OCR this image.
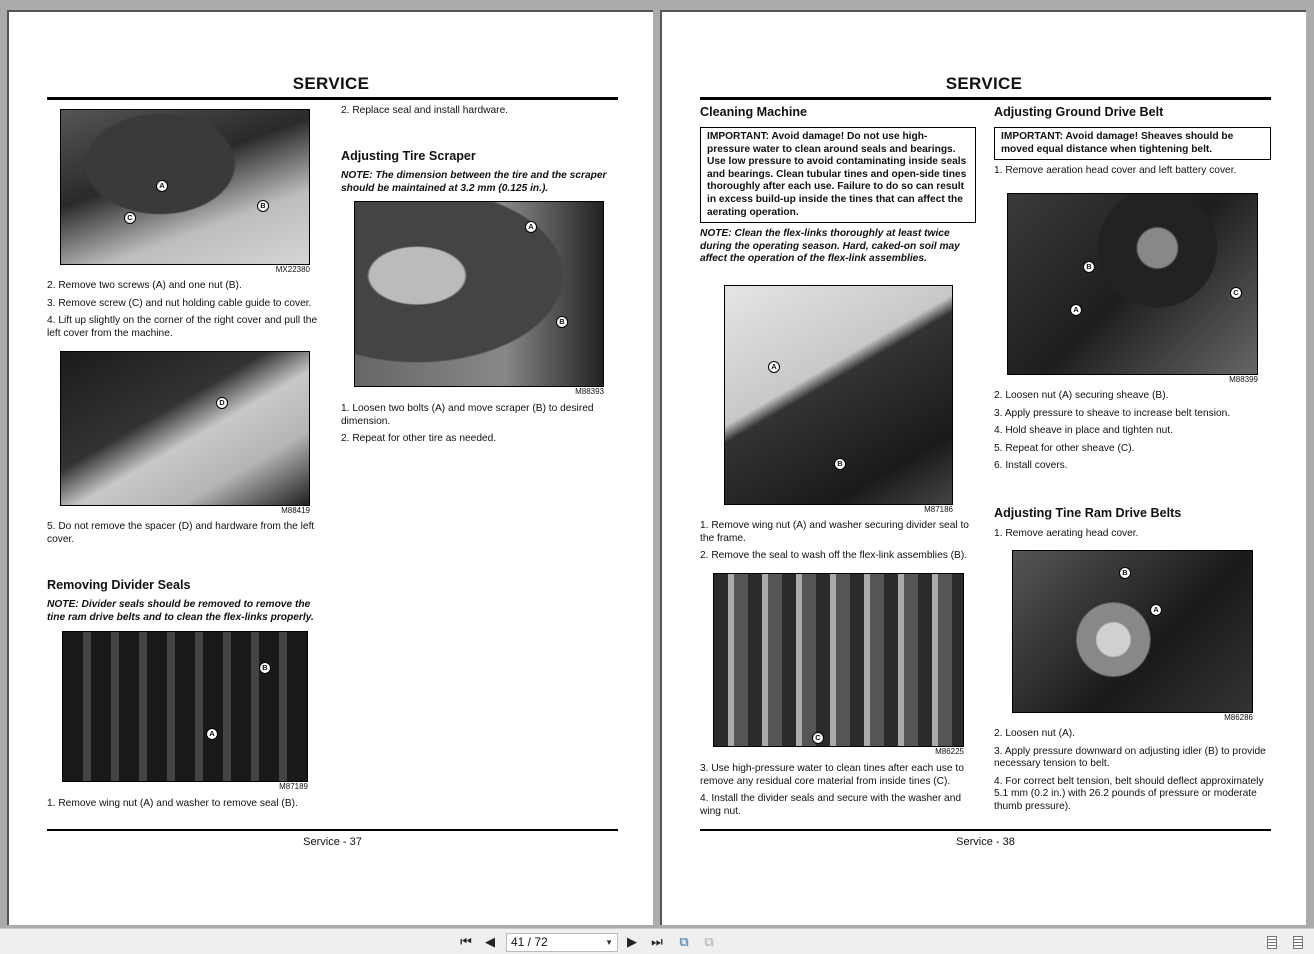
SERVICE
A
B
C
MX22380
2. Remove two screws (A) and one nut (B).
3. Remove screw (C) and nut holding cable guide to cover.
4. Lift up slightly on the corner of the right cover and pull the left cover from the machine.
D
M88419
5. Do not remove the spacer (D) and hardware from the left cover.
Removing Divider Seals
NOTE: Divider seals should be removed to remove the tine ram drive belts and to clean the flex-links properly.
B
A
M87189
1. Remove wing nut (A) and washer to remove seal (B).
2. Replace seal and install hardware.
Adjusting Tire Scraper
NOTE: The dimension between the tire and the scraper should be maintained at 3.2 mm (0.125 in.).
A
B
M88393
1. Loosen two bolts (A) and move scraper (B) to desired dimension.
2. Repeat for other tire as needed.
Service - 37
SERVICE
Cleaning Machine
IMPORTANT: Avoid damage! Do not use high-pressure water to clean around seals and bearings. Use low pressure to avoid contaminating inside seals and bearings. Clean tubular tines and open-side tines thoroughly after each use. Failure to do so can result in excess build-up inside the tines that can affect the aerating operation.
NOTE: Clean the flex-links thoroughly at least twice during the operating season. Hard, caked-on soil may affect the operation of the flex-link assemblies.
A
B
M87186
1. Remove wing nut (A) and washer securing divider seal to the frame.
2. Remove the seal to wash off the flex-link assemblies (B).
C
M86225
3. Use high-pressure water to clean tines after each use to remove any residual core material from inside tines (C).
4. Install the divider seals and secure with the washer and wing nut.
Adjusting Ground Drive Belt
IMPORTANT: Avoid damage! Sheaves should be moved equal distance when tightening belt.
1. Remove aeration head cover and left battery cover.
B
A
C
M88399
2. Loosen nut (A) securing sheave (B).
3. Apply pressure to sheave to increase belt tension.
4. Hold sheave in place and tighten nut.
5. Repeat for other sheave (C).
6. Install covers.
Adjusting Tine Ram Drive Belts
1. Remove aerating head cover.
B
A
M86286
2. Loosen nut (A).
3. Apply pressure downward on adjusting idler (B) to provide necessary tension to belt.
4. For correct belt tension, belt should deflect approximately 5.1 mm (0.2 in.) with 26.2 pounds of pressure or moderate thumb pressure).
Service - 38
⏮	◀	41 / 72	▼	▶	⏭	⧉	⧉
